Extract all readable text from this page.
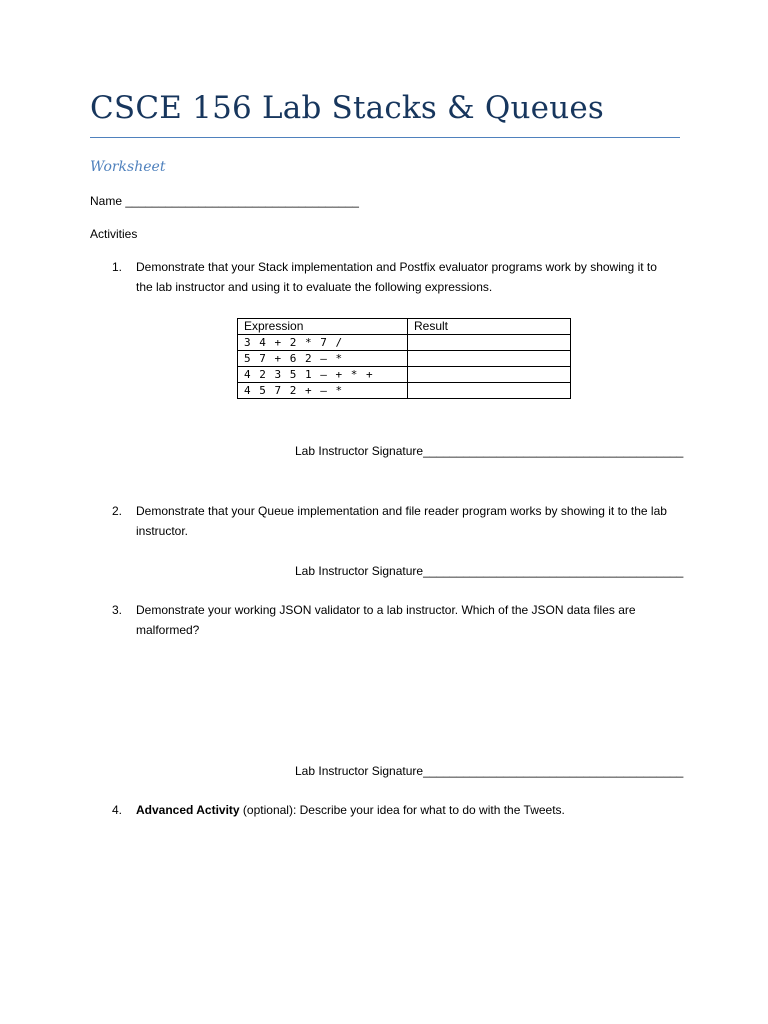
CSCE 156 Lab Stacks & Queues
Worksheet
Name ___________________________________
Activities
1. Demonstrate that your Stack implementation and Postfix evaluator programs work by showing it to the lab instructor and using it to evaluate the following expressions.
Expression	Result
3 4 + 2 * 7 /	
5 7 + 6 2 – *	
4 2 3 5 1 – + * +	
4 5 7 2 + – *	
Lab Instructor Signature_______________________________________
2. Demonstrate that your Queue implementation and file reader program works by showing it to the lab instructor.
Lab Instructor Signature_______________________________________
3. Demonstrate your working JSON validator to a lab instructor. Which of the JSON data files are malformed?
Lab Instructor Signature_______________________________________
4. Advanced Activity (optional): Describe your idea for what to do with the Tweets.
